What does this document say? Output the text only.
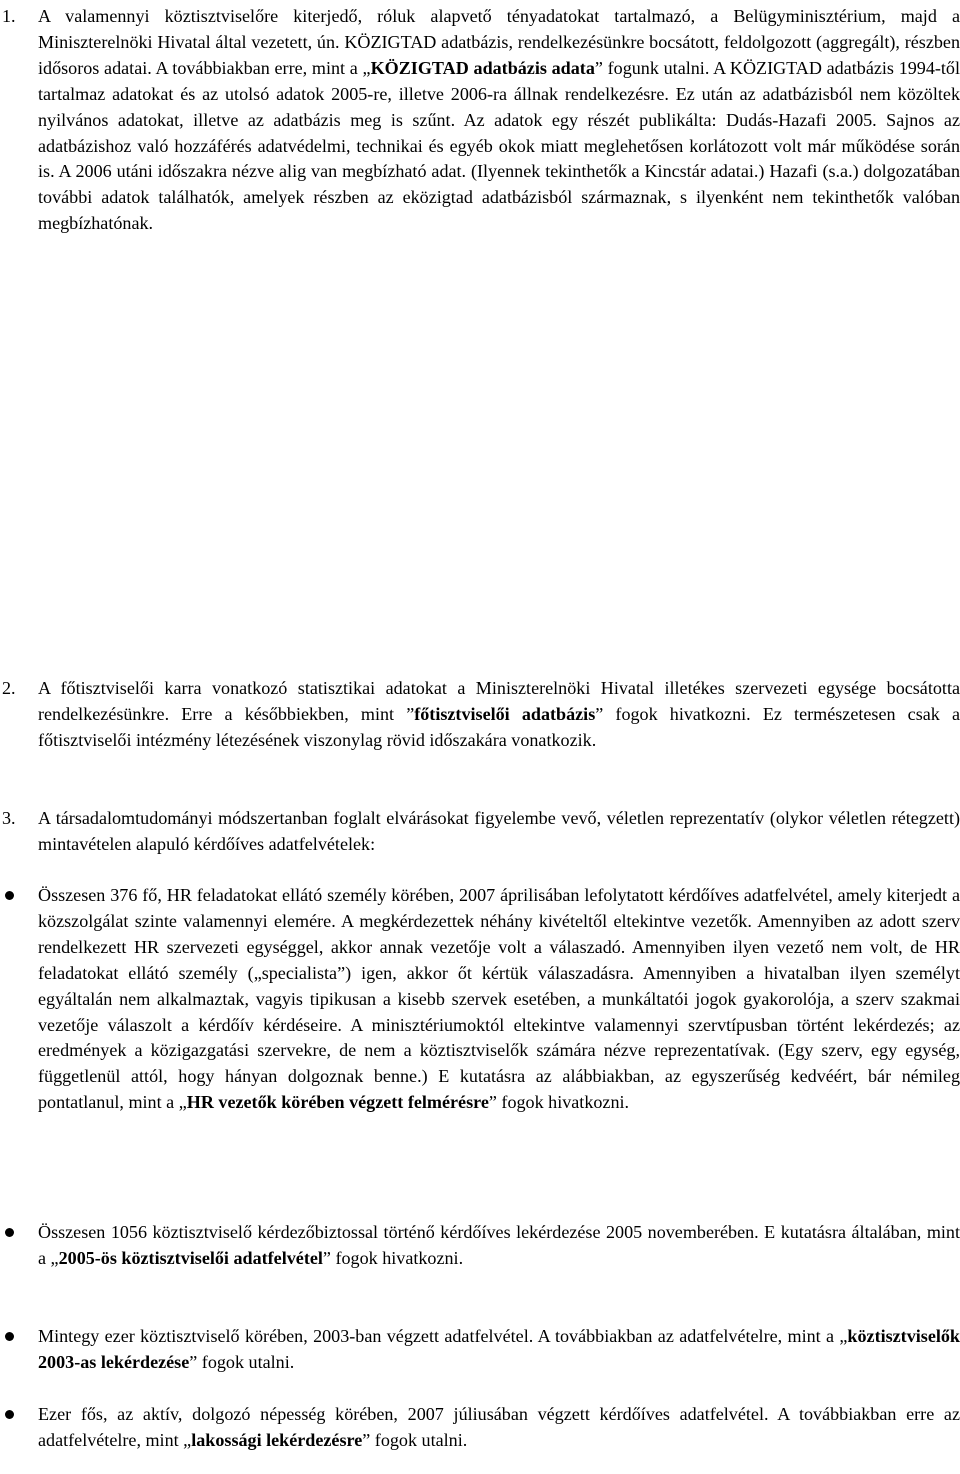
1. A valamennyi köztisztviselőre kiterjedő, róluk alapvető tényadatokat tartalmazó, a Belügyminisztérium, majd a Miniszterelnöki Hivatal által vezetett, ún. KÖZIGTAD adatbázis, rendelkezésünkre bocsátott, feldolgozott (aggregált), részben idősoros adatai. A továbbiakban erre, mint a „KÖZIGTAD adatbázis adata” fogunk utalni. A KÖZIGTAD adatbázis 1994-től tartalmaz adatokat és az utolsó adatok 2005-re, illetve 2006-ra állnak rendelkezésre. Ez után az adatbázisból nem közöltek nyilvános adatokat, illetve az adatbázis meg is szűnt. Az adatok egy részét publikálta: Dudás-Hazafi 2005. Sajnos az adatbázishoz való hozzáférés adatvédelmi, technikai és egyéb okok miatt meglehetősen korlátozott volt már működése során is. A 2006 utáni időszakra nézve alig van megbízható adat. (Ilyennek tekinthetők a Kincstár adatai.) Hazafi (s.a.) dolgozatában további adatok találhatók, amelyek részben az eközigtad adatbázisból származnak, s ilyenként nem tekinthetők valóban megbízhatónak.
2. A főtisztviselői karra vonatkozó statisztikai adatokat a Miniszterelnöki Hivatal illetékes szervezeti egysége bocsátotta rendelkezésünkre. Erre a későbbiekben, mint ”főtisztviselői adatbázis” fogok hivatkozni. Ez természetesen csak a főtisztviselői intézmény létezésének viszonylag rövid időszakára vonatkozik.
3. A társadalomtudományi módszertanban foglalt elvárásokat figyelembe vevő, véletlen reprezentatív (olykor véletlen rétegzett) mintavételen alapuló kérdőíves adatfelvételek:
Összesen 376 fő, HR feladatokat ellátó személy körében, 2007 áprilisában lefolytatott kérdőíves adatfelvétel, amely kiterjedt a közszolgálat szinte valamennyi elemére. A megkérdezettek néhány kivételtől eltekintve vezetők. Amennyiben az adott szerv rendelkezett HR szervezeti egységgel, akkor annak vezetője volt a válaszadó. Amennyiben ilyen vezető nem volt, de HR feladatokat ellátó személy („specialista”) igen, akkor őt kértük válaszadásra. Amennyiben a hivatalban ilyen személyt egyáltalán nem alkalmaztak, vagyis tipikusan a kisebb szervek esetében, a munkáltatói jogok gyakorolója, a szerv szakmai vezetője válaszolt a kérdőív kérdéseire. A minisztériumoktól eltekintve valamennyi szervtípusban történt lekérdezés; az eredmények a közigazgatási szervekre, de nem a köztisztviselők számára nézve reprezentatívak. (Egy szerv, egy egység, függetlenül attól, hogy hányan dolgoznak benne.) E kutatásra az alábbiakban, az egyszerűség kedvéért, bár némileg pontatlanul, mint a „HR vezetők körében végzett felmérésre” fogok hivatkozni.
Összesen 1056 köztisztviselő kérdezőbiztossal történő kérdőíves lekérdezése 2005 novemberében. E kutatásra általában, mint a „2005-ös köztisztviselői adatfelvétel” fogok hivatkozni.
Mintegy ezer köztisztviselő körében, 2003-ban végzett adatfelvétel. A továbbiakban az adatfelvételre, mint a „köztisztviselők 2003-as lekérdezése” fogok utalni.
Ezer fős, az aktív, dolgozó népesség körében, 2007 júliusában végzett kérdőíves adatfelvétel. A továbbiakban erre az adatfelvételre, mint „lakossági lekérdezésre” fogok utalni.
